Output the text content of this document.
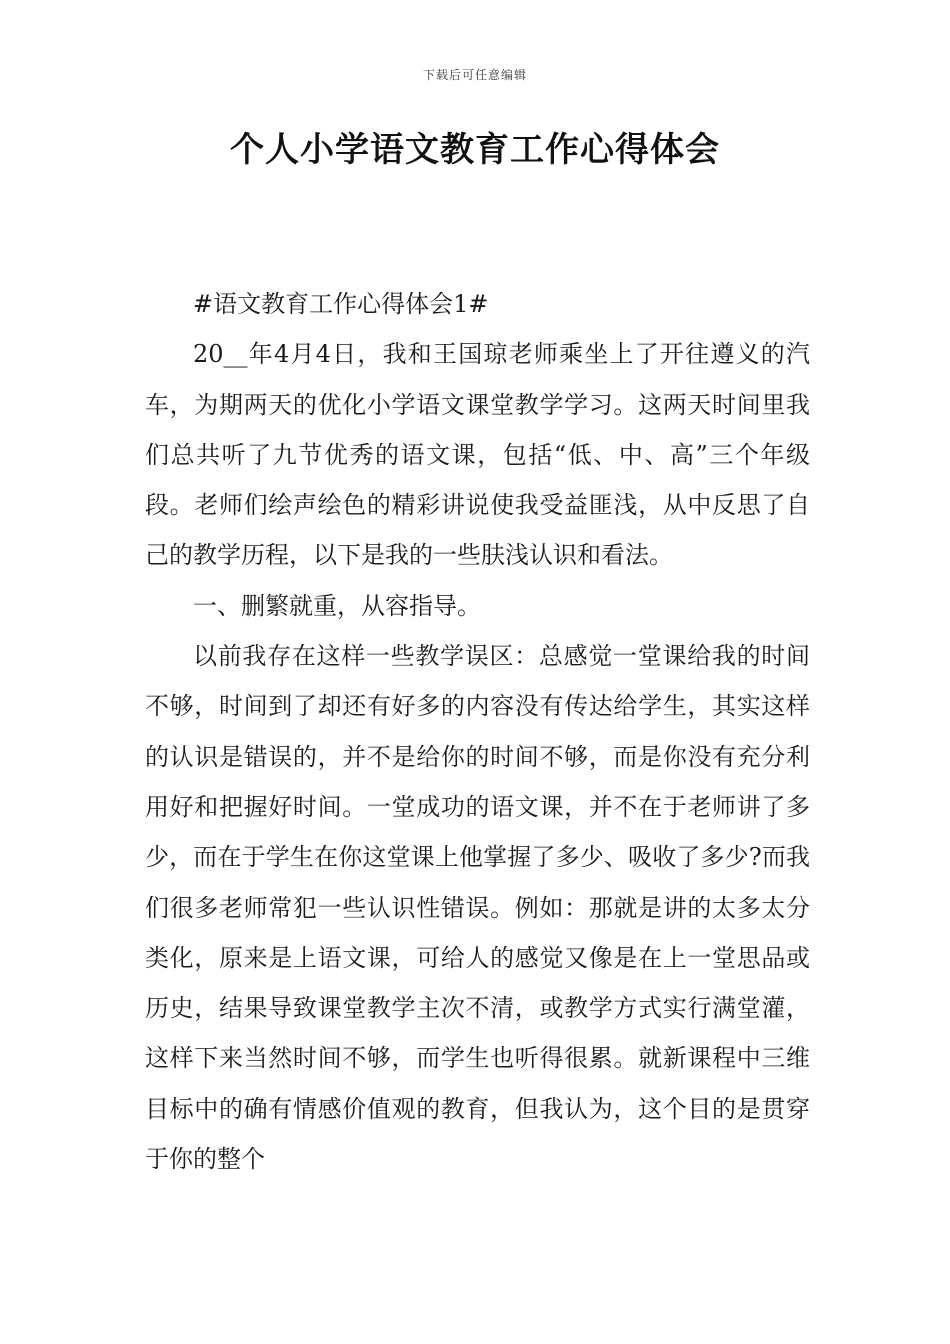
下载后可任意编辑
个人小学语文教育工作心得体会

#语文教育工作心得体会1#

20__年4月4日，我和王国琼老师乘坐上了开往遵义的汽车，为期两天的优化小学语文课堂教学学习。这两天时间里我们总共听了九节优秀的语文课，包括“低、中、高”三个年级段。老师们绘声绘色的精彩讲说使我受益匪浅，从中反思了自己的教学历程，以下是我的一些肤浅认识和看法。

一、删繁就重，从容指导。

以前我存在这样一些教学误区：总感觉一堂课给我的时间不够，时间到了却还有好多的内容没有传达给学生，其实这样的认识是错误的，并不是给你的时间不够，而是你没有充分利用好和把握好时间。一堂成功的语文课，并不在于老师讲了多少，而在于学生在你这堂课上他掌握了多少、吸收了多少?而我们很多老师常犯一些认识性错误。例如：那就是讲的太多太分类化，原来是上语文课，可给人的感觉又像是在上一堂思品或历史，结果导致课堂教学主次不清，或教学方式实行满堂灌，这样下来当然时间不够，而学生也听得很累。就新课程中三维目标中的确有情感价值观的教育，但我认为，这个目的是贯穿于你的整个
